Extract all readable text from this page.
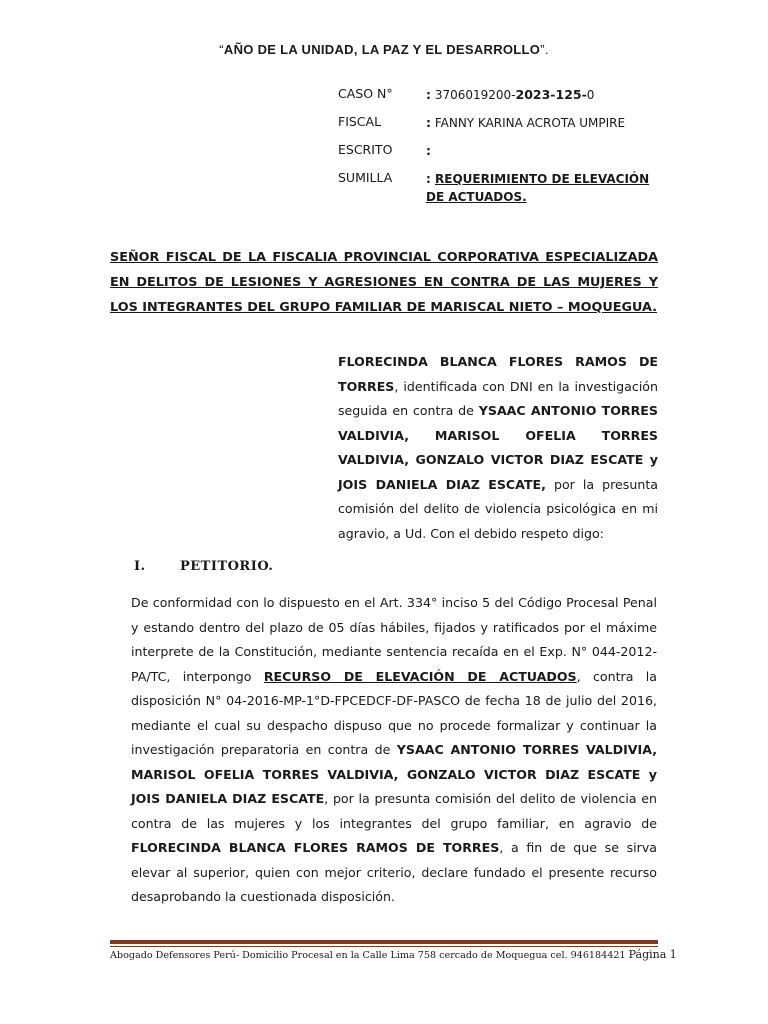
“AÑO DE LA UNIDAD, LA PAZ Y EL DESARROLLO”.
CASO N°	: 3706019200-2023-125-0
FISCAL	: FANNY KARINA ACROTA UMPIRE
ESCRITO	:
SUMILLA	: REQUERIMIENTO DE ELEVACIÓN DE ACTUADOS.
SEÑOR FISCAL DE LA FISCALIA PROVINCIAL CORPORATIVA ESPECIALIZADA EN DELITOS DE LESIONES Y AGRESIONES EN CONTRA DE LAS MUJERES Y LOS INTEGRANTES DEL GRUPO FAMILIAR DE MARISCAL NIETO – MOQUEGUA.
FLORECINDA BLANCA FLORES RAMOS DE TORRES, identificada con DNI en la investigación seguida en contra de YSAAC ANTONIO TORRES VALDIVIA, MARISOL OFELIA TORRES VALDIVIA, GONZALO VICTOR DIAZ ESCATE y JOIS DANIELA DIAZ ESCATE, por la presunta comisión del delito de violencia psicológica en mi agravio, a Ud. Con el debido respeto digo:
I.	PETITORIO.
De conformidad con lo dispuesto en el Art. 334° inciso 5 del Código Procesal Penal y estando dentro del plazo de 05 días hábiles, fijados y ratificados por el máxime interprete de la Constitución, mediante sentencia recaída en el Exp. N° 044-2012-PA/TC, interpongo RECURSO DE ELEVACIÓN DE ACTUADOS, contra la disposición N° 04-2016-MP-1°D-FPCEDCF-DF-PASCO de fecha 18 de julio del 2016, mediante el cual su despacho dispuso que no procede formalizar y continuar la investigación preparatoria en contra de YSAAC ANTONIO TORRES VALDIVIA, MARISOL OFELIA TORRES VALDIVIA, GONZALO VICTOR DIAZ ESCATE y JOIS DANIELA DIAZ ESCATE, por la presunta comisión del delito de violencia en contra de las mujeres y los integrantes del grupo familiar, en agravio de FLORECINDA BLANCA FLORES RAMOS DE TORRES, a fin de que se sirva elevar al superior, quien con mejor criterio, declare fundado el presente recurso desaprobando la cuestionada disposición.
Abogado Defensores Perú- Domicilio Procesal en la Calle Lima 758 cercado de Moquegua cel. 946184421 Página 1
